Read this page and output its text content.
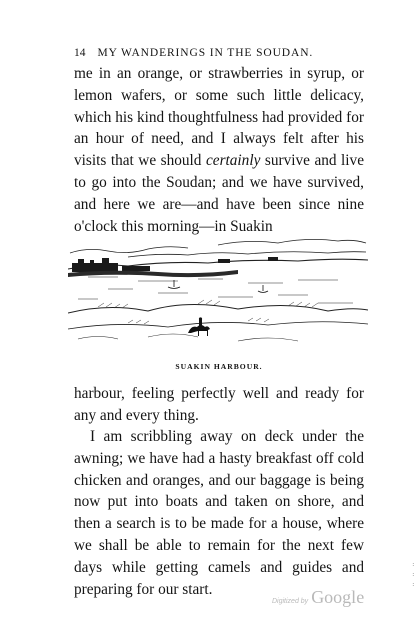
14 MY WANDERINGS IN THE SOUDAN.

me in an orange, or strawberries in syrup, or lemon wafers, or some such little delicacy, which his kind thoughtfulness had provided for an hour of need, and I always felt after his visits that we should certainly survive and live to go into the Soudan; and we have survived, and here we are—and have been since nine o'clock this morning—in Suakin

SUAKIN HARBOUR.

harbour, feeling perfectly well and ready for any and every thing.

I am scribbling away on deck under the awning; we have had a hasty breakfast off cold chicken and oranges, and our baggage is being now put into boats and taken on shore, and then a search is to be made for a house, where we shall be able to remain for the next few days while getting camels and guides and preparing for our start.

Digitized by Google
:
:
:
